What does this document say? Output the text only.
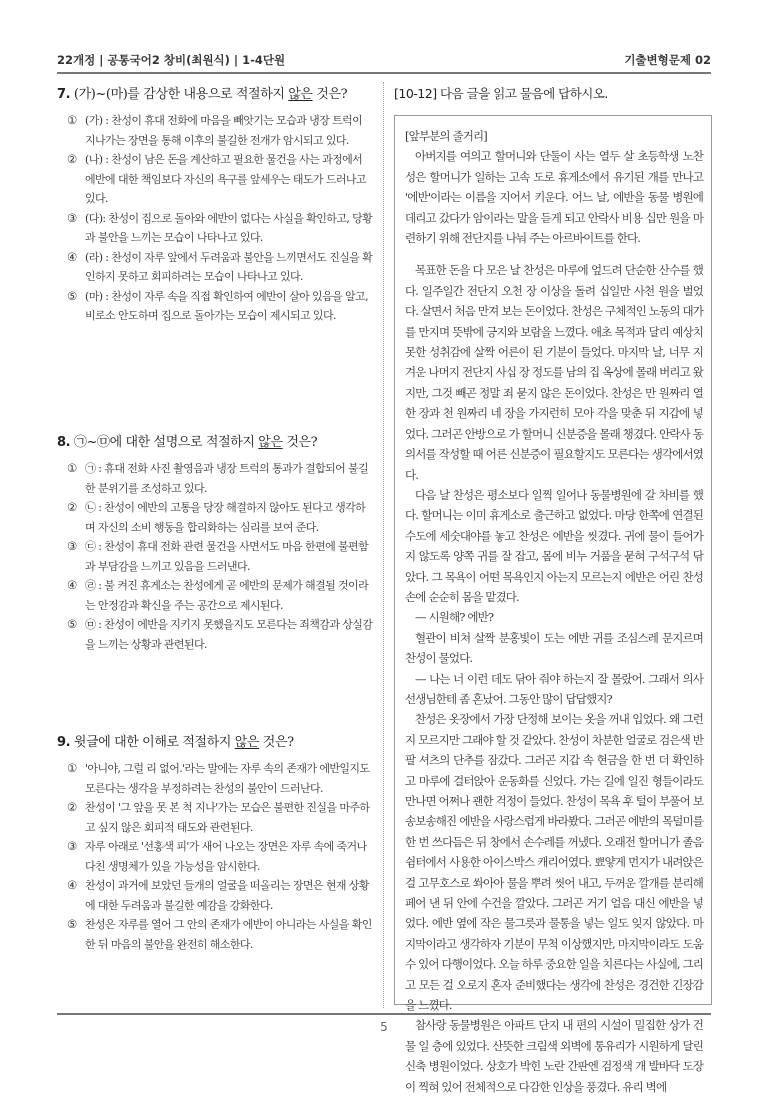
22개정 | 공통국어2 창비(최원식) | 1-4단원	기출변형문제 02
7. (가)~(마)를 감상한 내용으로 적절하지 않은 것은?
① (가) : 찬성이 휴대 전화에 마음을 빼앗기는 모습과 냉장 트럭이 지나가는 장면을 통해 이후의 불길한 전개가 암시되고 있다.
② (나) : 찬성이 남은 돈을 계산하고 필요한 물건을 사는 과정에서 에반에 대한 책임보다 자신의 욕구를 앞세우는 태도가 드러나고 있다.
③ (다): 찬성이 집으로 돌아와 에반이 없다는 사실을 확인하고, 당황과 불안을 느끼는 모습이 나타나고 있다.
④ (라) : 찬성이 자루 앞에서 두려움과 불안을 느끼면서도 진실을 확인하지 못하고 회피하려는 모습이 나타나고 있다.
⑤ (마) : 찬성이 자루 속을 직접 확인하여 에반이 살아 있음을 알고, 비로소 안도하며 집으로 돌아가는 모습이 제시되고 있다.
8. ㉠~㉤에 대한 설명으로 적절하지 않은 것은?
① ㉠ : 휴대 전화 사진 촬영음과 냉장 트럭의 통과가 결합되어 불길한 분위기를 조성하고 있다.
② ㉡ : 찬성이 에반의 고통을 당장 해결하지 않아도 된다고 생각하며 자신의 소비 행동을 합리화하는 심리를 보여 준다.
③ ㉢ : 찬성이 휴대 전화 관련 물건을 사면서도 마음 한편에 불편함과 부담감을 느끼고 있음을 드러낸다.
④ ㉣ : 불 켜진 휴게소는 찬성에게 곧 에반의 문제가 해결될 것이라는 안정감과 확신을 주는 공간으로 제시된다.
⑤ ㉤ : 찬성이 에반을 지키지 못했을지도 모른다는 죄책감과 상실감을 느끼는 상황과 관련된다.
9. 윗글에 대한 이해로 적절하지 않은 것은?
① '아니야, 그럴 리 없어.'라는 말에는 자루 속의 존재가 에반일지도 모른다는 생각을 부정하려는 찬성의 불안이 드러난다.
② 찬성이 '그 앞을 못 본 척 지나'가는 모습은 불편한 진실을 마주하고 싶지 않은 회피적 태도와 관련된다.
③ 자루 아래로 '선홍색 피'가 새어 나오는 장면은 자루 속에 죽거나 다친 생명체가 있을 가능성을 암시한다.
④ 찬성이 과거에 보았던 들개의 얼굴을 떠올리는 장면은 현재 상황에 대한 두려움과 불길한 예감을 강화한다.
⑤ 찬성은 자루를 열어 그 안의 존재가 에반이 아니라는 사실을 확인한 뒤 마음의 불안을 완전히 해소한다.
[10-12] 다음 글을 읽고 물음에 답하시오.

[앞부분의 줄거리]

아버지를 여의고 할머니와 단둘이 사는 열두 살 초등학생 노찬성은 할머니가 일하는 고속 도로 휴게소에서 유기된 개를 만나고 '에반'이라는 이름을 지어서 키운다. 어느 날, 에반을 동물 병원에 데리고 갔다가 암이라는 말을 듣게 되고 안락사 비용 십만 원을 마련하기 위해 전단지를 나눠 주는 아르바이트를 한다.

목표한 돈을 다 모은 날 찬성은 마루에 엎드려 단순한 산수를 했다. 일주일간 전단지 오천 장 이상을 돌려 십일만 사천 원을 벌었다. 살면서 처음 만져 보는 돈이었다. 찬성은 구체적인 노동의 대가를 만지며 뜻밖에 긍지와 보람을 느꼈다. 애초 목적과 달리 예상치 못한 성취감에 살짝 어른이 된 기분이 들었다. 마지막 날, 너무 지겨운 나머지 전단지 사십 장 정도를 남의 집 옥상에 몰래 버리고 왔지만, 그것 빼곤 정말 죄 묻지 않은 돈이었다. 찬성은 만 원짜리 열한 장과 천 원짜리 네 장을 가지런히 모아 각을 맞춘 뒤 지갑에 넣었다. 그러곤 안방으로 가 할머니 신분증을 몰래 챙겼다. 안락사 동의서를 작성할 때 어른 신분증이 필요할지도 모른다는 생각에서였다.

다음 날 찬성은 평소보다 일찍 일어나 동물병원에 갈 차비를 했다. 할머니는 이미 휴게소로 출근하고 없었다. 마당 한쪽에 연결된 수도에 세숫대야를 놓고 찬성은 에반을 씻겼다. 귀에 물이 들어가지 않도록 양쪽 귀를 잘 잡고, 몸에 비누 거품을 묻혀 구석구석 닦았다. 그 목욕이 어떤 목욕인지 아는지 모르는지 에반은 어린 찬성 손에 순순히 몸을 맡겼다.

— 시원해? 에반?

혈관이 비쳐 살짝 분홍빛이 도는 에반 귀를 조심스레 문지르며 찬성이 물었다.

— 나는 너 이런 데도 닦아 줘야 하는지 잘 몰랐어. 그래서 의사 선생님한테 좀 혼났어. 그동안 많이 답답했지?

찬성은 옷장에서 가장 단정해 보이는 옷을 꺼내 입었다. 왜 그런지 모르지만 그래야 할 것 같았다. 찬성이 차분한 얼굴로 검은색 반팔 셔츠의 단추를 잠갔다. 그러곤 지갑 속 현금을 한 번 더 확인하고 마루에 걸터앉아 운동화를 신었다. 가는 길에 일진 형들이라도 만나면 어쩌나 괜한 걱정이 들었다. 찬성이 목욕 후 털이 부풀어 보송보송해진 에반을 사랑스럽게 바라봤다. 그러곤 에반의 목덜미를 한 번 쓰다듬은 뒤 창에서 손수레를 꺼냈다. 오래전 할머니가 졸음 쉼터에서 사용한 아이스박스 캐리어였다. 뾰얗게 먼지가 내려앉은 걸 고무호스로 쏴아아 물을 뿌려 씻어 내고, 두꺼운 깔개를 분리해 페어 낸 뒤 안에 수건을 깔았다. 그러곤 거기 얼음 대신 에반을 넣었다. 에반 옆에 작은 물그릇과 물통을 넣는 일도 잊지 않았다. 마지막이라고 생각하자 기분이 무척 이상했지만, 마지막이라도 도움 수 있어 다행이었다. 오늘 하루 중요한 일을 치른다는 사실에, 그리고 모든 걸 오로지 혼자 준비했다는 생각에 찬성은 경건한 긴장감을 느꼈다.

참사랑 동물병원은 아파트 단지 내 편의 시설이 밀집한 상가 건물 일 층에 있었다. 산뜻한 크림색 외벽에 통유리가 시원하게 달린 신축 병원이었다. 상호가 박힌 노란 간판엔 검정색 개 발바닥 도장이 찍혀 있어 전체적으로 다감한 인상을 풍겼다. 유리 벽에

5
